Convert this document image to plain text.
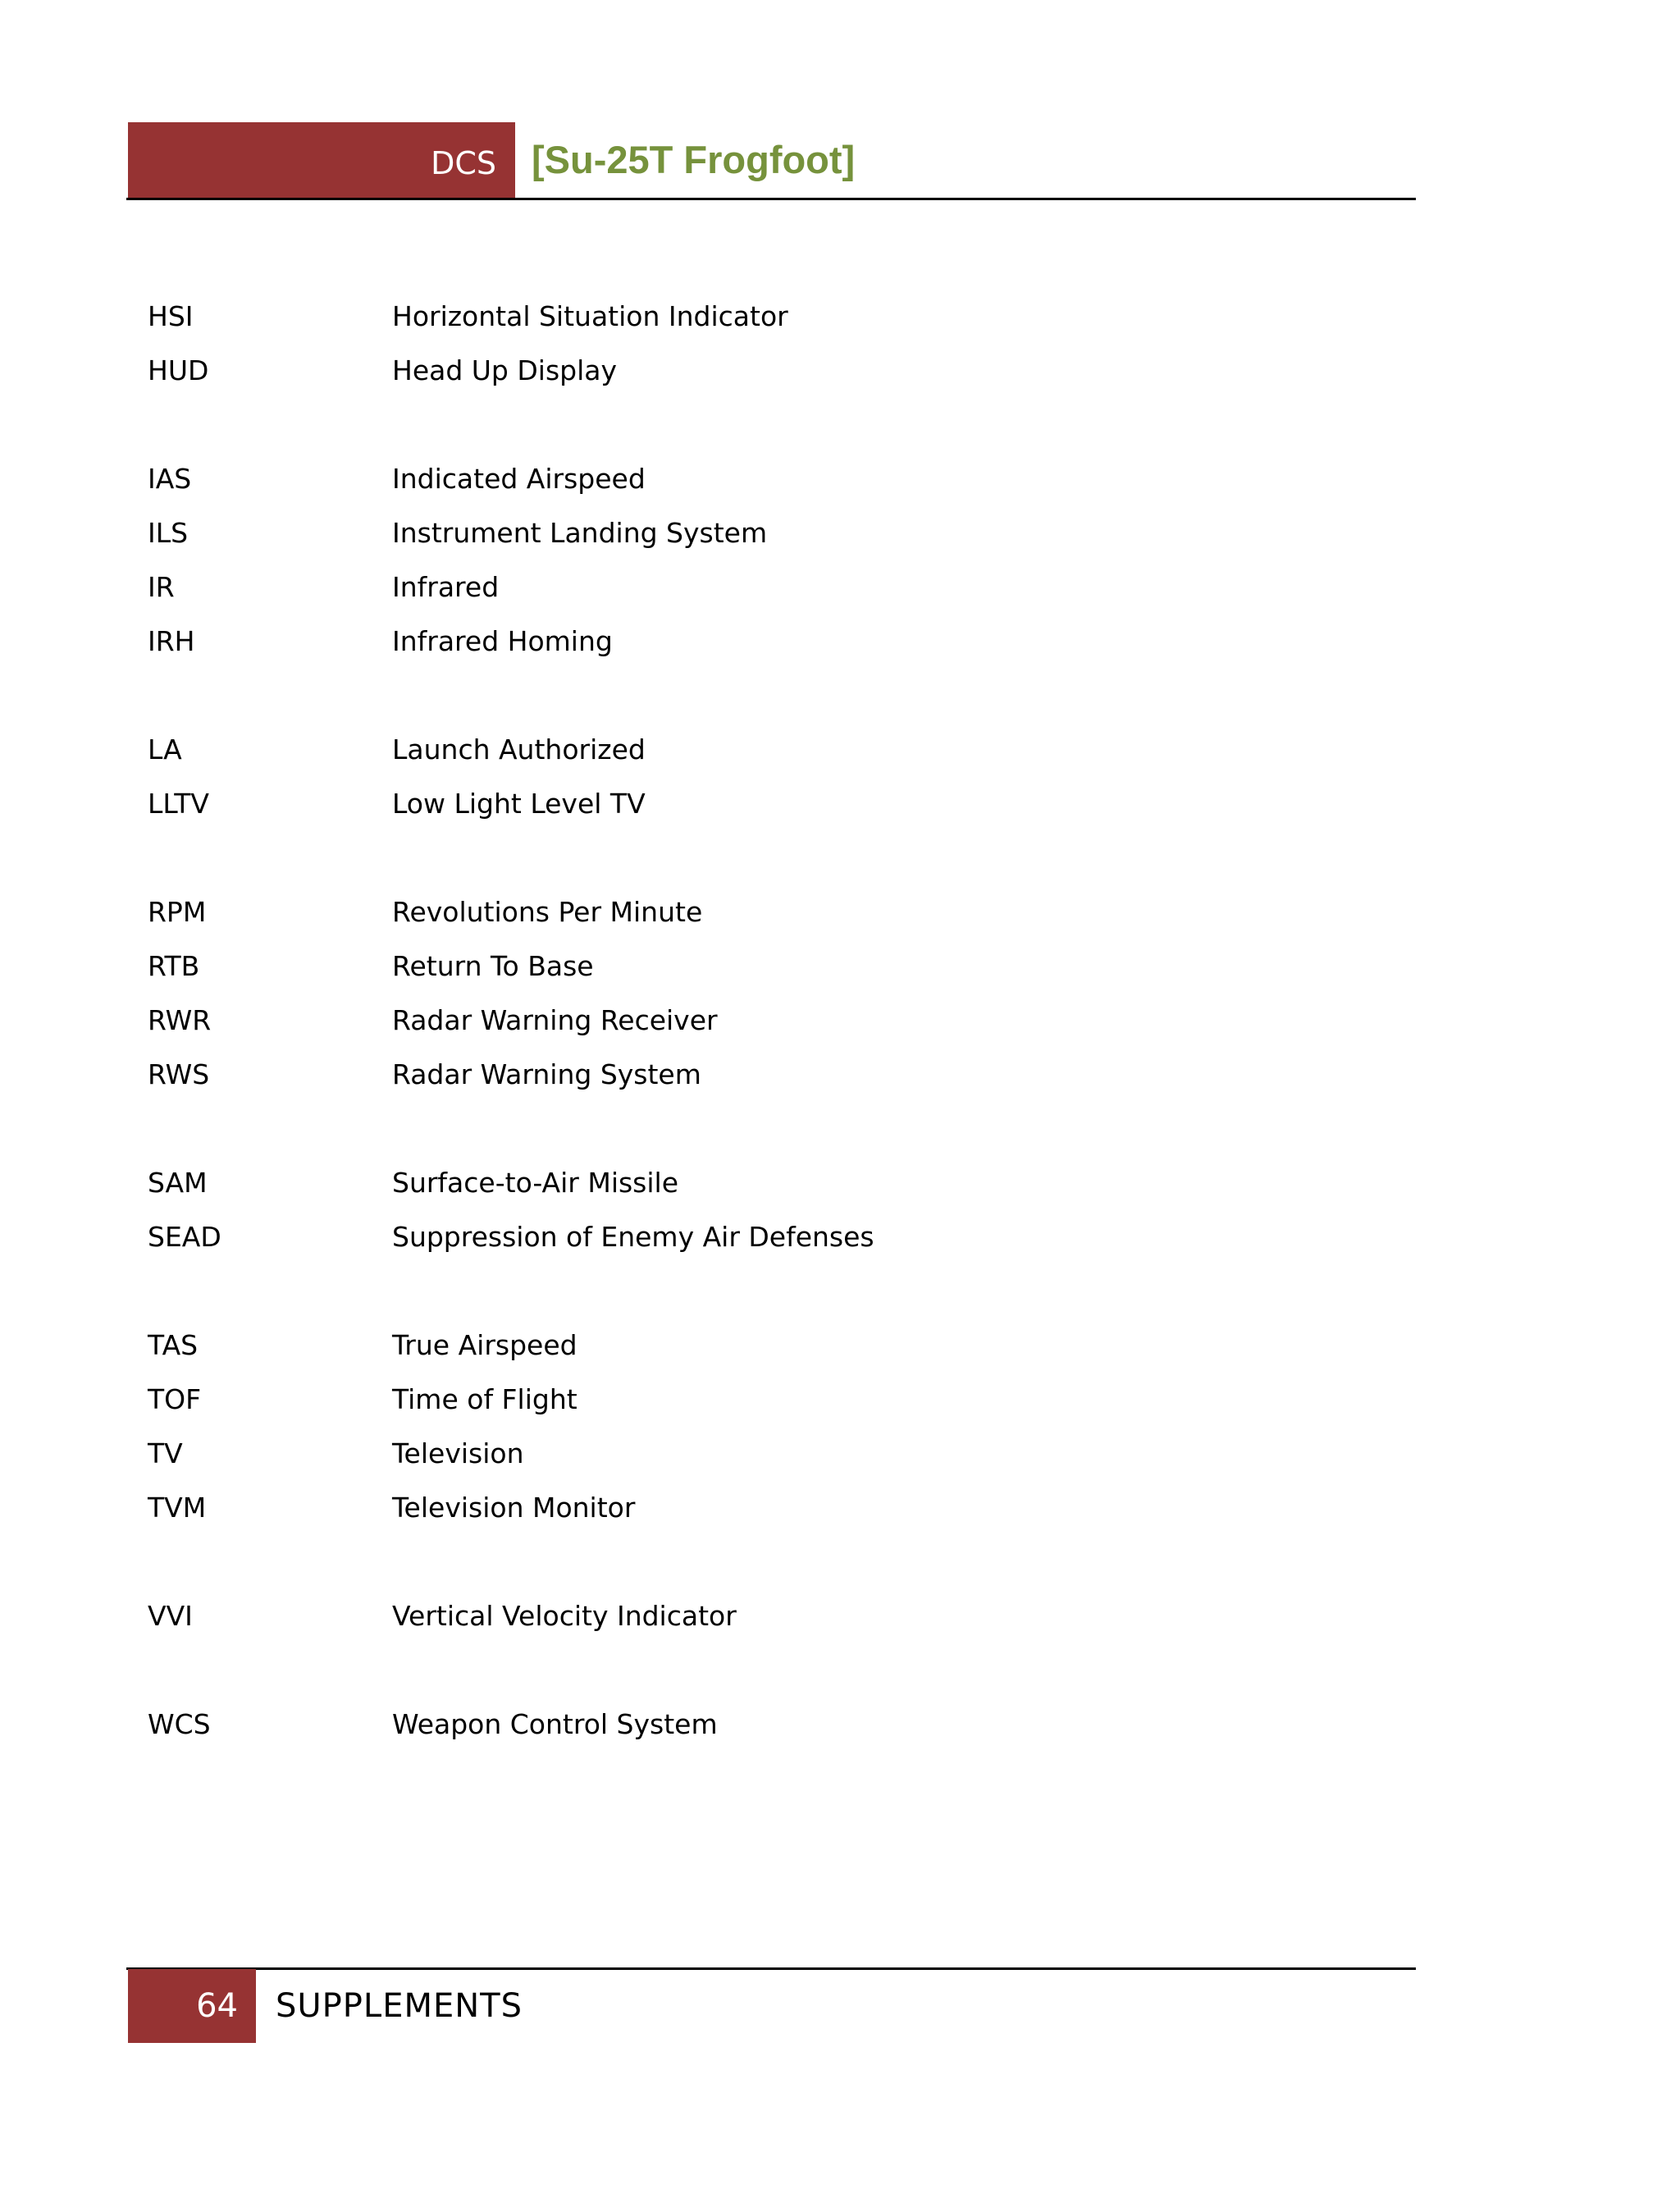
DCS [Su-25T Frogfoot]
HSI	Horizontal Situation Indicator
HUD	Head Up Display
IAS	Indicated Airspeed
ILS	Instrument Landing System
IR	Infrared
IRH	Infrared Homing
LA	Launch Authorized
LLTV	Low Light Level TV
RPM	Revolutions Per Minute
RTB	Return To Base
RWR	Radar Warning Receiver
RWS	Radar Warning System
SAM	Surface-to-Air Missile
SEAD	Suppression of Enemy Air Defenses
TAS	True Airspeed
TOF	Time of Flight
TV	Television
TVM	Television Monitor
VVI	Vertical Velocity Indicator
WCS	Weapon Control System
64	SUPPLEMENTS
